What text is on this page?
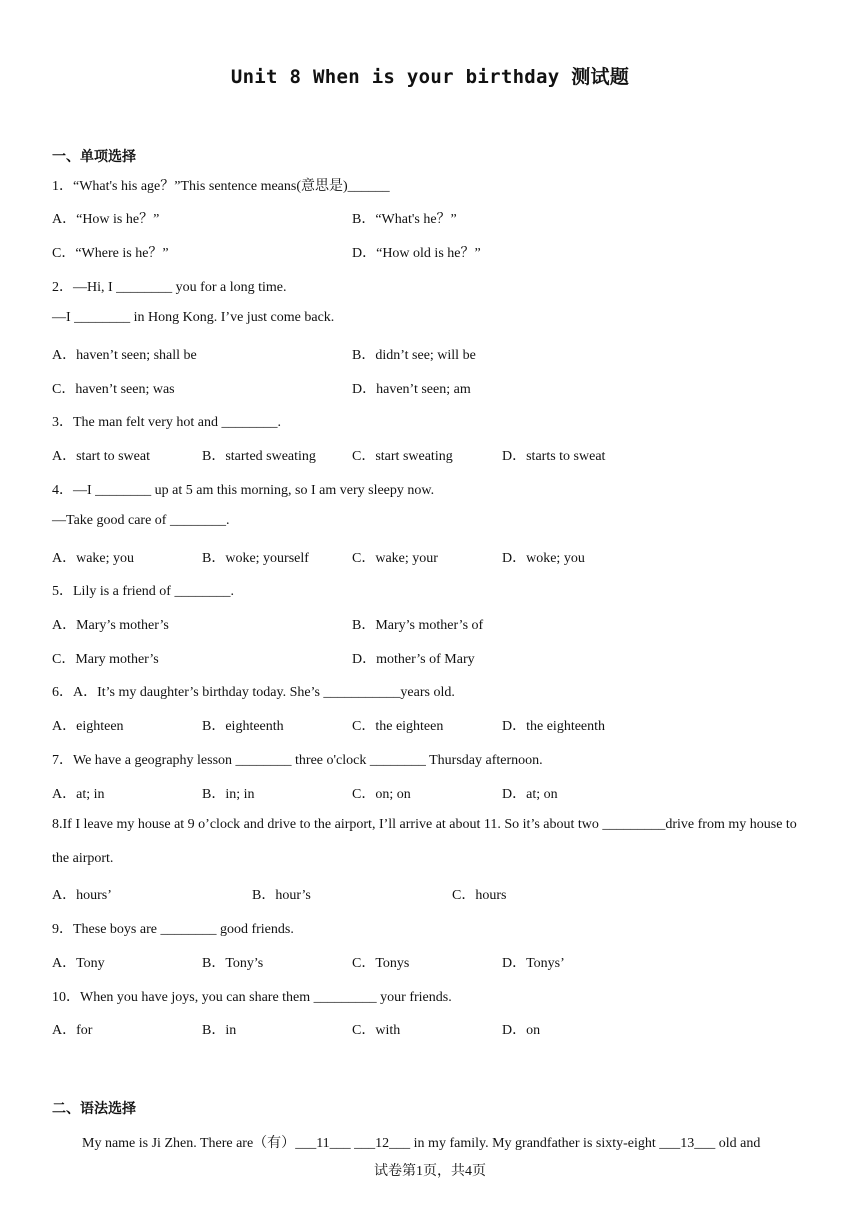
Unit 8 When is your birthday 测试题
一、单项选择
1．“What's his age？”This sentence means(意思是)______
A．“How is he？”	B．“What's he？”
C．“Where is he？”	D．“How old is he？”
2．—Hi, I ________ you for a long time.
—I ________ in Hong Kong. I’ve just come back.
A．haven’t seen; shall be	B．didn’t see; will be
C．haven’t seen; was	D．haven’t seen; am
3．The man felt very hot and ________.
A．start to sweat	B．started sweating	C．start sweating	D．starts to sweat
4．—I ________ up at 5 am this morning, so I am very sleepy now.
—Take good care of ________.
A．wake; you	B．woke; yourself	C．wake; your	D．woke; you
5．Lily is a friend of ________.
A．Mary’s mother’s	B．Mary’s mother’s of
C．Mary mother’s	D．mother’s of Mary
6．A．It’s my daughter’s birthday today. She’s ___________years old.
A．eighteen	B．eighteenth	C．the eighteen	D．the eighteenth
7．We have a geography lesson ________ three o'clock ________ Thursday afternoon.
A．at; in	B．in; in	C．on; on	D．at; on
8.If I leave my house at 9 o’clock and drive to the airport, I’ll arrive at about 11. So it’s about two _________drive from my house to the airport.
A．hours’	B．hour’s	C．hours
9．These boys are ________ good friends.
A．Tony	B．Tony’s	C．Tonys	D．Tonys’
10．When you have joys, you can share them _________ your friends.
A．for	B．in	C．with	D．on
二、语法选择
My name is Ji Zhen. There are（有）___11___ ___12___ in my family. My grandfather is sixty-eight ___13___ old and
试卷第1页，共4页
